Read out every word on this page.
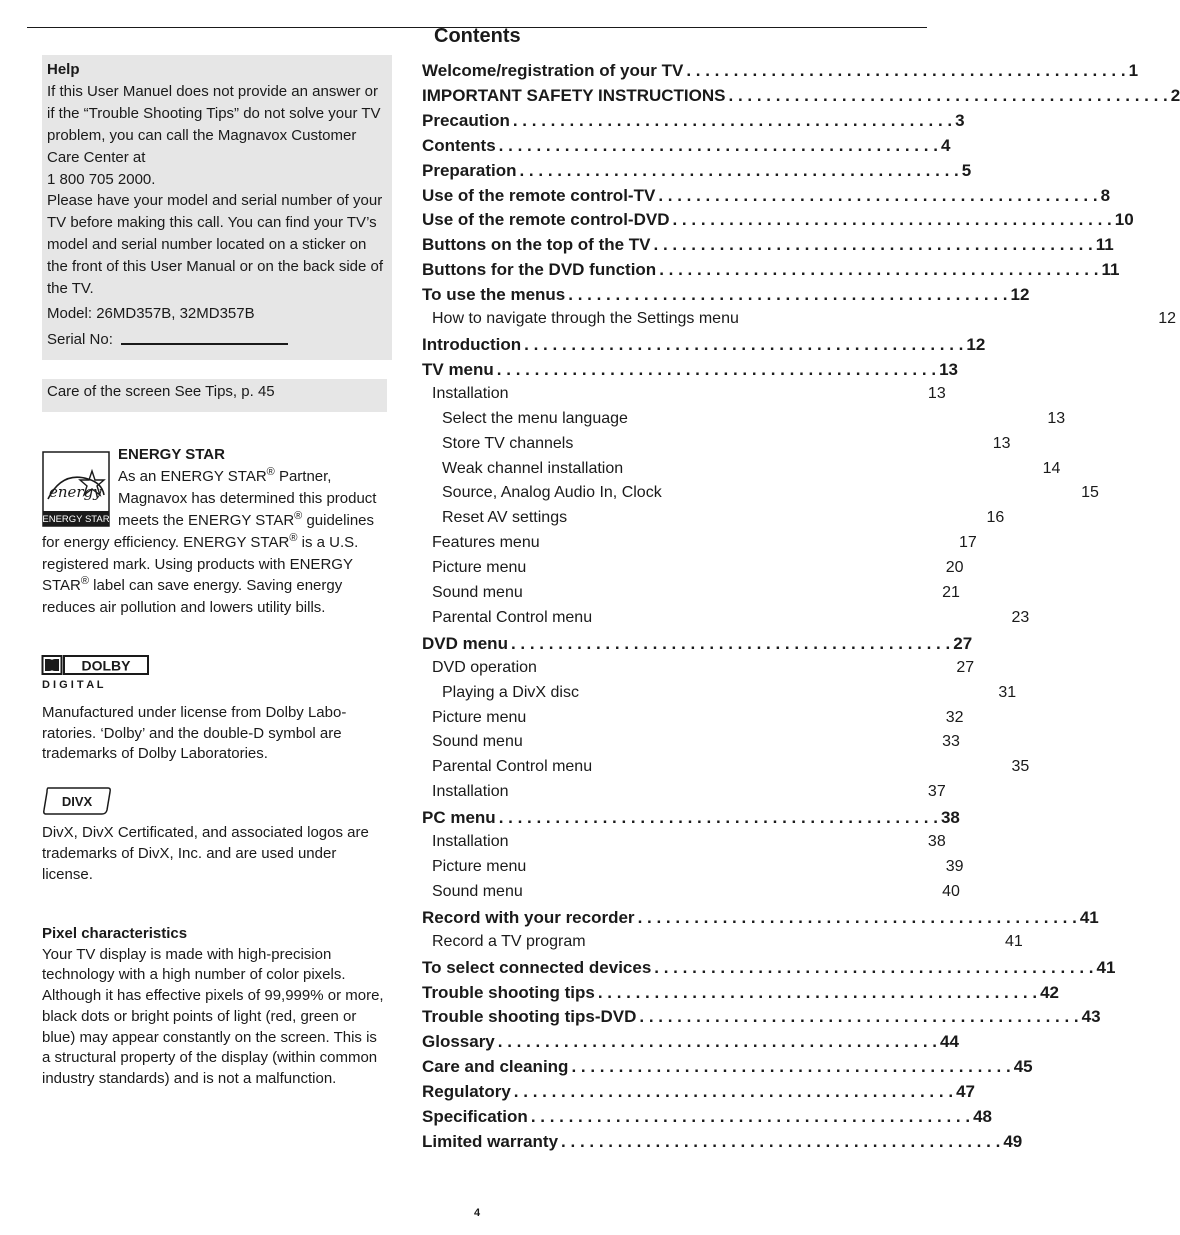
Contents
Help
If this User Manuel does not provide an answer or if the “Trouble Shooting Tips” do not solve your TV problem, you can call the Magnavox Customer Care Center at
1 800 705 2000.
Please have your model and serial number of your TV before making this call. You can find your TV’s model and serial number located on a sticker on the front of this User Manual or on the back side of the TV.
Model: 26MD357B, 32MD357B
Serial No:
Care of the screen See Tips, p. 45
energy
ENERGY STAR
ENERGY STAR
As an ENERGY STAR® Partner, Magnavox has determined this product meets the ENERGY STAR® guidelines for energy efficiency. ENERGY STAR® is a U.S. registered mark. Using products with ENERGY STAR® label can save energy. Saving energy reduces air pollution and lowers utility bills.
DOLBY
D I G I T A L
Manufactured under license from Dolby Labo-ratories. ‘Dolby’ and the double-D symbol are trademarks of Dolby Laboratories.
DIVX
DivX, DivX Certificated, and associated logos are trademarks of DivX, Inc. and are used under license.
Pixel characteristics
Your TV display is made with high-precision technology with a high number of color pixels. Although it has effective pixels of 99,999% or more, black dots or bright points of light (red, green or blue) may appear constantly on the screen. This is a structural property of the display (within common industry standards) and is not a malfunction.
Welcome/registration of your TV . . . . . . . . . . . . . . . . . . . . . . . . . . . . . . . . . . . . . . . . . . . . . . . 1
IMPORTANT SAFETY INSTRUCTIONS . . . . . . . . . . . . . . . . . . . . . . . . . . . . . . . . . . . . . . . . . . . . . . . 2
Precaution . . . . . . . . . . . . . . . . . . . . . . . . . . . . . . . . . . . . . . . . . . . . . . . 3
Contents . . . . . . . . . . . . . . . . . . . . . . . . . . . . . . . . . . . . . . . . . . . . . . . 4
Preparation . . . . . . . . . . . . . . . . . . . . . . . . . . . . . . . . . . . . . . . . . . . . . . . 5
Use of the remote control-TV . . . . . . . . . . . . . . . . . . . . . . . . . . . . . . . . . . . . . . . . . . . . . . . 8
Use of the remote control-DVD . . . . . . . . . . . . . . . . . . . . . . . . . . . . . . . . . . . . . . . . . . . . . . . 10
Buttons on the top of the TV . . . . . . . . . . . . . . . . . . . . . . . . . . . . . . . . . . . . . . . . . . . . . . . 11
Buttons for the DVD function . . . . . . . . . . . . . . . . . . . . . . . . . . . . . . . . . . . . . . . . . . . . . . . 11
To use the menus . . . . . . . . . . . . . . . . . . . . . . . . . . . . . . . . . . . . . . . . . . . . . . . 12
How to navigate through the Settings menu	12
Introduction . . . . . . . . . . . . . . . . . . . . . . . . . . . . . . . . . . . . . . . . . . . . . . . 12
TV menu . . . . . . . . . . . . . . . . . . . . . . . . . . . . . . . . . . . . . . . . . . . . . . . 13
Installation	13
Select the menu language	13
Store TV channels	13
Weak channel installation	14
Source, Analog Audio In, Clock	15
Reset AV settings	16
Features menu	17
Picture menu	20
Sound menu	21
Parental Control menu	23
DVD menu . . . . . . . . . . . . . . . . . . . . . . . . . . . . . . . . . . . . . . . . . . . . . . . 27
DVD operation	27
Playing a DivX disc	31
Picture menu	32
Sound menu	33
Parental Control menu	35
Installation	37
PC menu . . . . . . . . . . . . . . . . . . . . . . . . . . . . . . . . . . . . . . . . . . . . . . . 38
Installation	38
Picture menu	39
Sound menu	40
Record with your recorder . . . . . . . . . . . . . . . . . . . . . . . . . . . . . . . . . . . . . . . . . . . . . . . 41
Record a TV program	41
To select connected devices . . . . . . . . . . . . . . . . . . . . . . . . . . . . . . . . . . . . . . . . . . . . . . . 41
Trouble shooting tips . . . . . . . . . . . . . . . . . . . . . . . . . . . . . . . . . . . . . . . . . . . . . . . 42
Trouble shooting tips-DVD . . . . . . . . . . . . . . . . . . . . . . . . . . . . . . . . . . . . . . . . . . . . . . . 43
Glossary . . . . . . . . . . . . . . . . . . . . . . . . . . . . . . . . . . . . . . . . . . . . . . . 44
Care and cleaning . . . . . . . . . . . . . . . . . . . . . . . . . . . . . . . . . . . . . . . . . . . . . . . 45
Regulatory . . . . . . . . . . . . . . . . . . . . . . . . . . . . . . . . . . . . . . . . . . . . . . . 47
Specification . . . . . . . . . . . . . . . . . . . . . . . . . . . . . . . . . . . . . . . . . . . . . . . 48
Limited warranty . . . . . . . . . . . . . . . . . . . . . . . . . . . . . . . . . . . . . . . . . . . . . . . 49
4
